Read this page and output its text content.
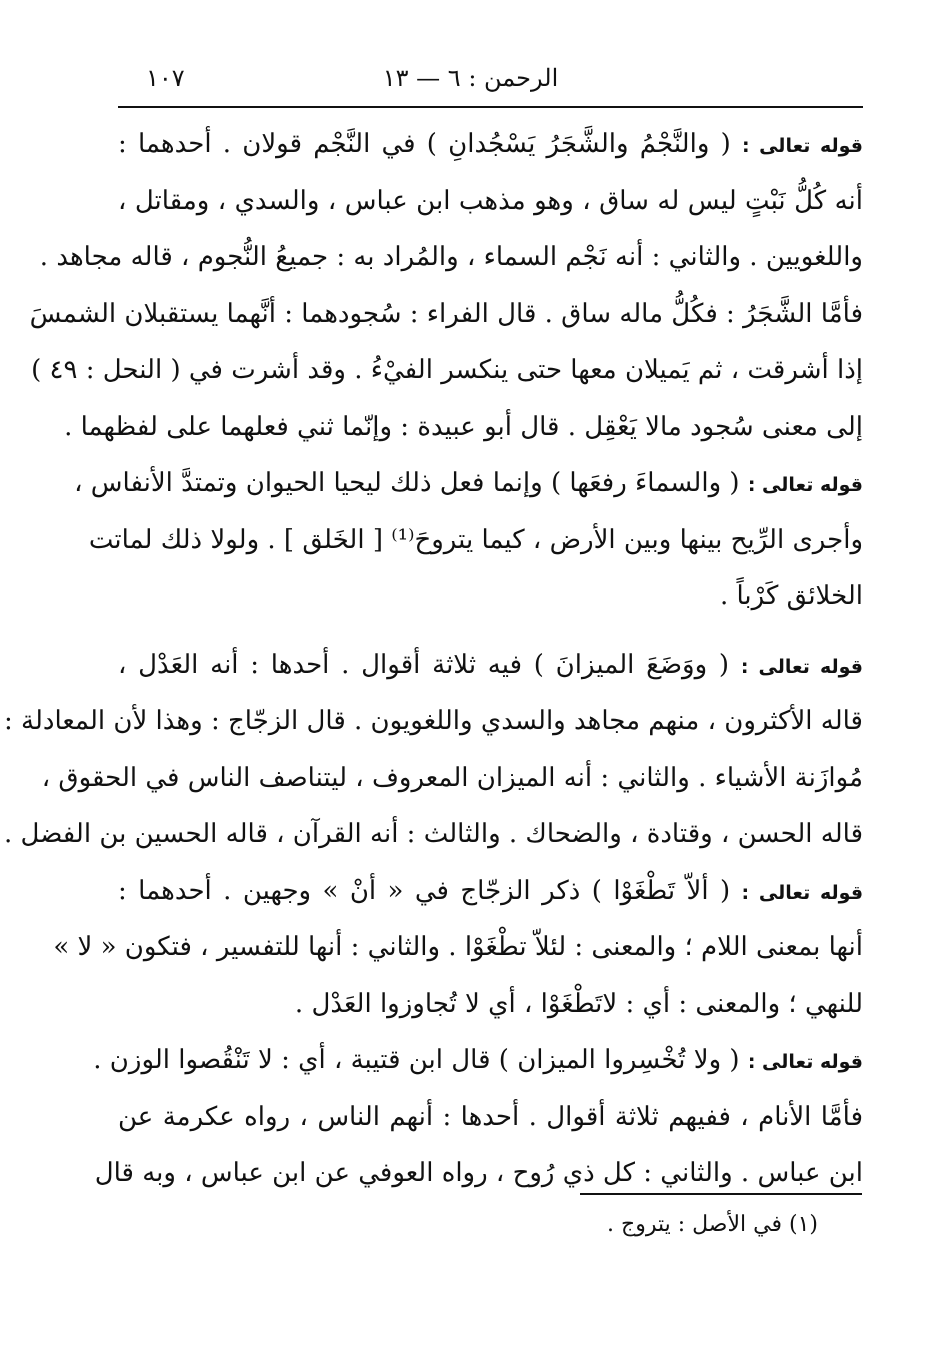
١٠٧	الرحمن : ٦ — ١٣
قوله تعالى : ( والنَّجْمُ والشَّجَرُ يَسْجُدانِ ) في النَّجْم قولان . أحدهما :
أنه كُلُّ نَبْتٍ ليس له ساق ، وهو مذهب ابن عباس ، والسدي ، ومقاتل ،
واللغويين . والثاني : أنه نَجْم السماء ، والمُراد به : جميعُ النُّجوم ، قاله مجاهد .
فأمَّا الشَّجَرُ : فكُلُّ ماله ساق . قال الفراء : سُجودهما : أنَّهما يستقبلان الشمسَ
إذا أشرقت ، ثم يَميلان معها حتى ينكسر الفيْءُ . وقد أشرت في ( النحل : ٤٩ )
إلى معنى سُجود مالا يَعْقِل . قال أبو عبيدة : وإنّما ثني فعلهما على لفظهما .
قوله تعالى : ( والسماءَ رفعَها ) وإنما فعل ذلك ليحيا الحيوان وتمتدَّ الأنفاس ،
وأجرى الرِّيح بينها وبين الأرض ، كيما يتروحَ⁽¹⁾ [ الخَلق ] . ولولا ذلك لماتت
الخلائق كَرْباً .
قوله تعالى : ( ووَضَعَ الميزانَ ) فيه ثلاثة أقوال . أحدها : أنه العَدْل ،
قاله الأكثرون ، منهم مجاهد والسدي واللغويون . قال الزجّاج : وهذا لأن المعادلة :
مُوازَنة الأشياء . والثاني : أنه الميزان المعروف ، ليتناصف الناس في الحقوق ،
قاله الحسن ، وقتادة ، والضحاك . والثالث : أنه القرآن ، قاله الحسين بن الفضل .
قوله تعالى : ( ألاّ تَطْغَوْا ) ذكر الزجّاج في « أنْ » وجهين . أحدهما :
أنها بمعنى اللام ؛ والمعنى : لئلاّ تطْغَوْا . والثاني : أنها للتفسير ، فتكون « لا »
للنهي ؛ والمعنى : أي : لاتَطْغَوْا ، أي لا تُجاوزوا العَدْل .
قوله تعالى : ( ولا تُخْسِروا الميزان ) قال ابن قتيبة ، أي : لا تَنْقُصوا الوزن .
فأمَّا الأنام ، ففيهم ثلاثة أقوال . أحدها : أنهم الناس ، رواه عكرمة عن
ابن عباس . والثاني : كل ذي رُوح ، رواه العوفي عن ابن عباس ، وبه قال
(١) في الأصل : يتروج .
